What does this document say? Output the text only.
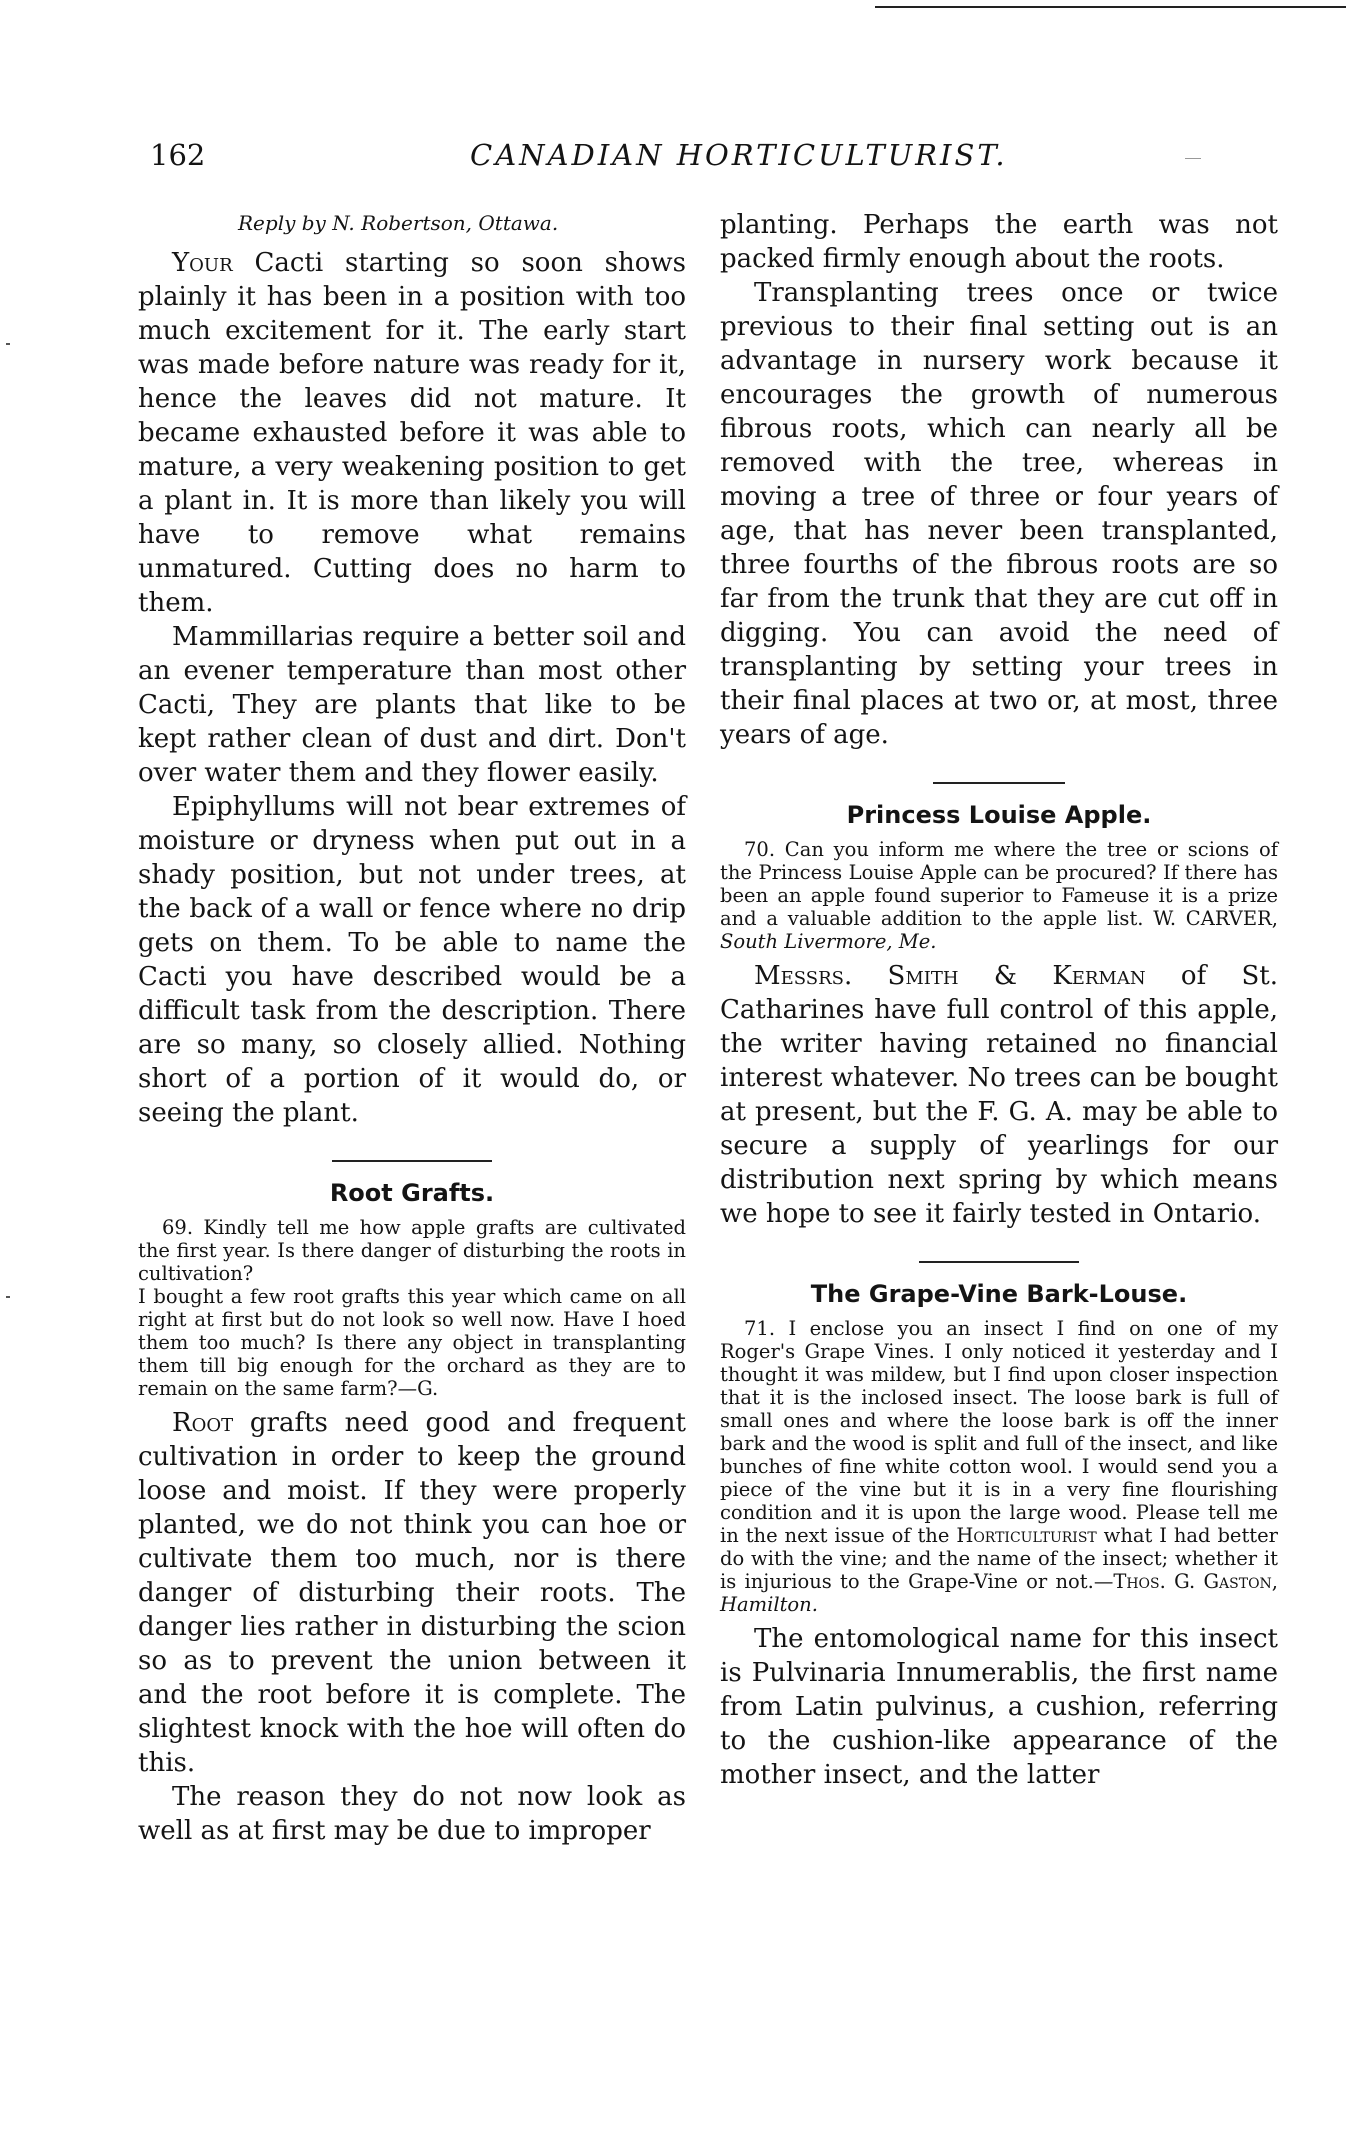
162	CANADIAN HORTICULTURIST.

Reply by N. Robertson, Ottawa.

Your Cacti starting so soon shows plainly it has been in a position with too much excitement for it. The early start was made before nature was ready for it, hence the leaves did not mature. It became exhausted before it was able to mature, a very weakening position to get a plant in. It is more than likely you will have to remove what remains unmatured. Cutting does no harm to them.

Mammillarias require a better soil and an evener temperature than most other Cacti, They are plants that like to be kept rather clean of dust and dirt. Don't over water them and they flower easily.

Epiphyllums will not bear extremes of moisture or dryness when put out in a shady position, but not under trees, at the back of a wall or fence where no drip gets on them. To be able to name the Cacti you have described would be a difficult task from the description. There are so many, so closely allied. Nothing short of a portion of it would do, or seeing the plant.

Root Grafts.

69. Kindly tell me how apple grafts are cultivated the first year. Is there danger of disturbing the roots in cultivation?

I bought a few root grafts this year which came on all right at first but do not look so well now. Have I hoed them too much? Is there any object in transplanting them till big enough for the orchard as they are to remain on the same farm?—G.

Root grafts need good and frequent cultivation in order to keep the ground loose and moist. If they were properly planted, we do not think you can hoe or cultivate them too much, nor is there danger of disturbing their roots. The danger lies rather in disturbing the scion so as to prevent the union between it and the root before it is complete. The slightest knock with the hoe will often do this.

The reason they do not now look as well as at first may be due to improper

planting. Perhaps the earth was not packed firmly enough about the roots.

Transplanting trees once or twice previous to their final setting out is an advantage in nursery work because it encourages the growth of numerous fibrous roots, which can nearly all be removed with the tree, whereas in moving a tree of three or four years of age, that has never been transplanted, three fourths of the fibrous roots are so far from the trunk that they are cut off in digging. You can avoid the need of transplanting by setting your trees in their final places at two or, at most, three years of age.

Princess Louise Apple.

70. Can you inform me where the tree or scions of the Princess Louise Apple can be procured? If there has been an apple found superior to Fameuse it is a prize and a valuable addition to the apple list. W. CARVER, South Livermore, Me.

Messrs. Smith & Kerman of St. Catharines have full control of this apple, the writer having retained no financial interest whatever. No trees can be bought at present, but the F. G. A. may be able to secure a supply of yearlings for our distribution next spring by which means we hope to see it fairly tested in Ontario.

The Grape-Vine Bark-Louse.

71. I enclose you an insect I find on one of my Roger's Grape Vines. I only noticed it yesterday and I thought it was mildew, but I find upon closer inspection that it is the inclosed insect. The loose bark is full of small ones and where the loose bark is off the inner bark and the wood is split and full of the insect, and like bunches of fine white cotton wool. I would send you a piece of the vine but it is in a very fine flourishing condition and it is upon the large wood. Please tell me in the next issue of the Horticulturist what I had better do with the vine; and the name of the insect; whether it is injurious to the Grape-Vine or not.—Thos. G. Gaston, Hamilton.

The entomological name for this insect is Pulvinaria Innumerablis, the first name from Latin pulvinus, a cushion, referring to the cushion-like appearance of the mother insect, and the latter
